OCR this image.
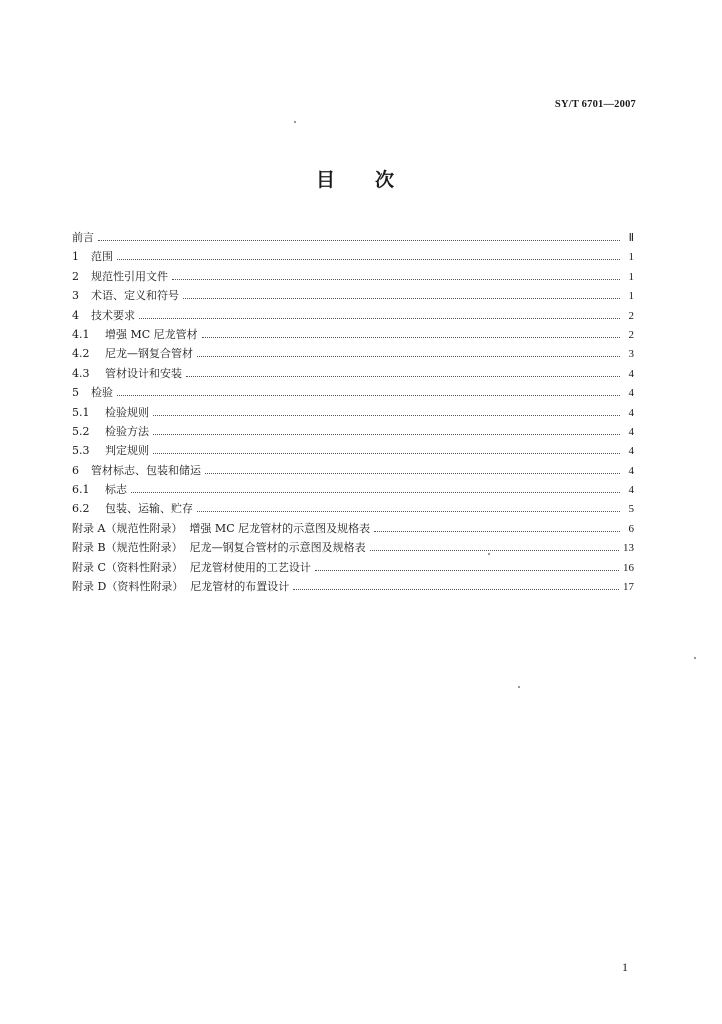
SY/T 6701—2007
目 次
前言	Ⅱ
1 范围	1
2 规范性引用文件	1
3 术语、定义和符号	1
4 技术要求	2
4.1 增强 MC 尼龙管材	2
4.2 尼龙—钢复合管材	3
4.3 管材设计和安装	4
5 检验	4
5.1 检验规则	4
5.2 检验方法	4
5.3 判定规则	4
6 管材标志、包装和储运	4
6.1 标志	4
6.2 包装、运输、贮存	5
附录 A（规范性附录）  增强 MC 尼龙管材的示意图及规格表	6
附录 B（规范性附录）  尼龙—钢复合管材的示意图及规格表	13
附录 C（资料性附录）  尼龙管材使用的工艺设计	16
附录 D（资料性附录）  尼龙管材的布置设计	17
1
